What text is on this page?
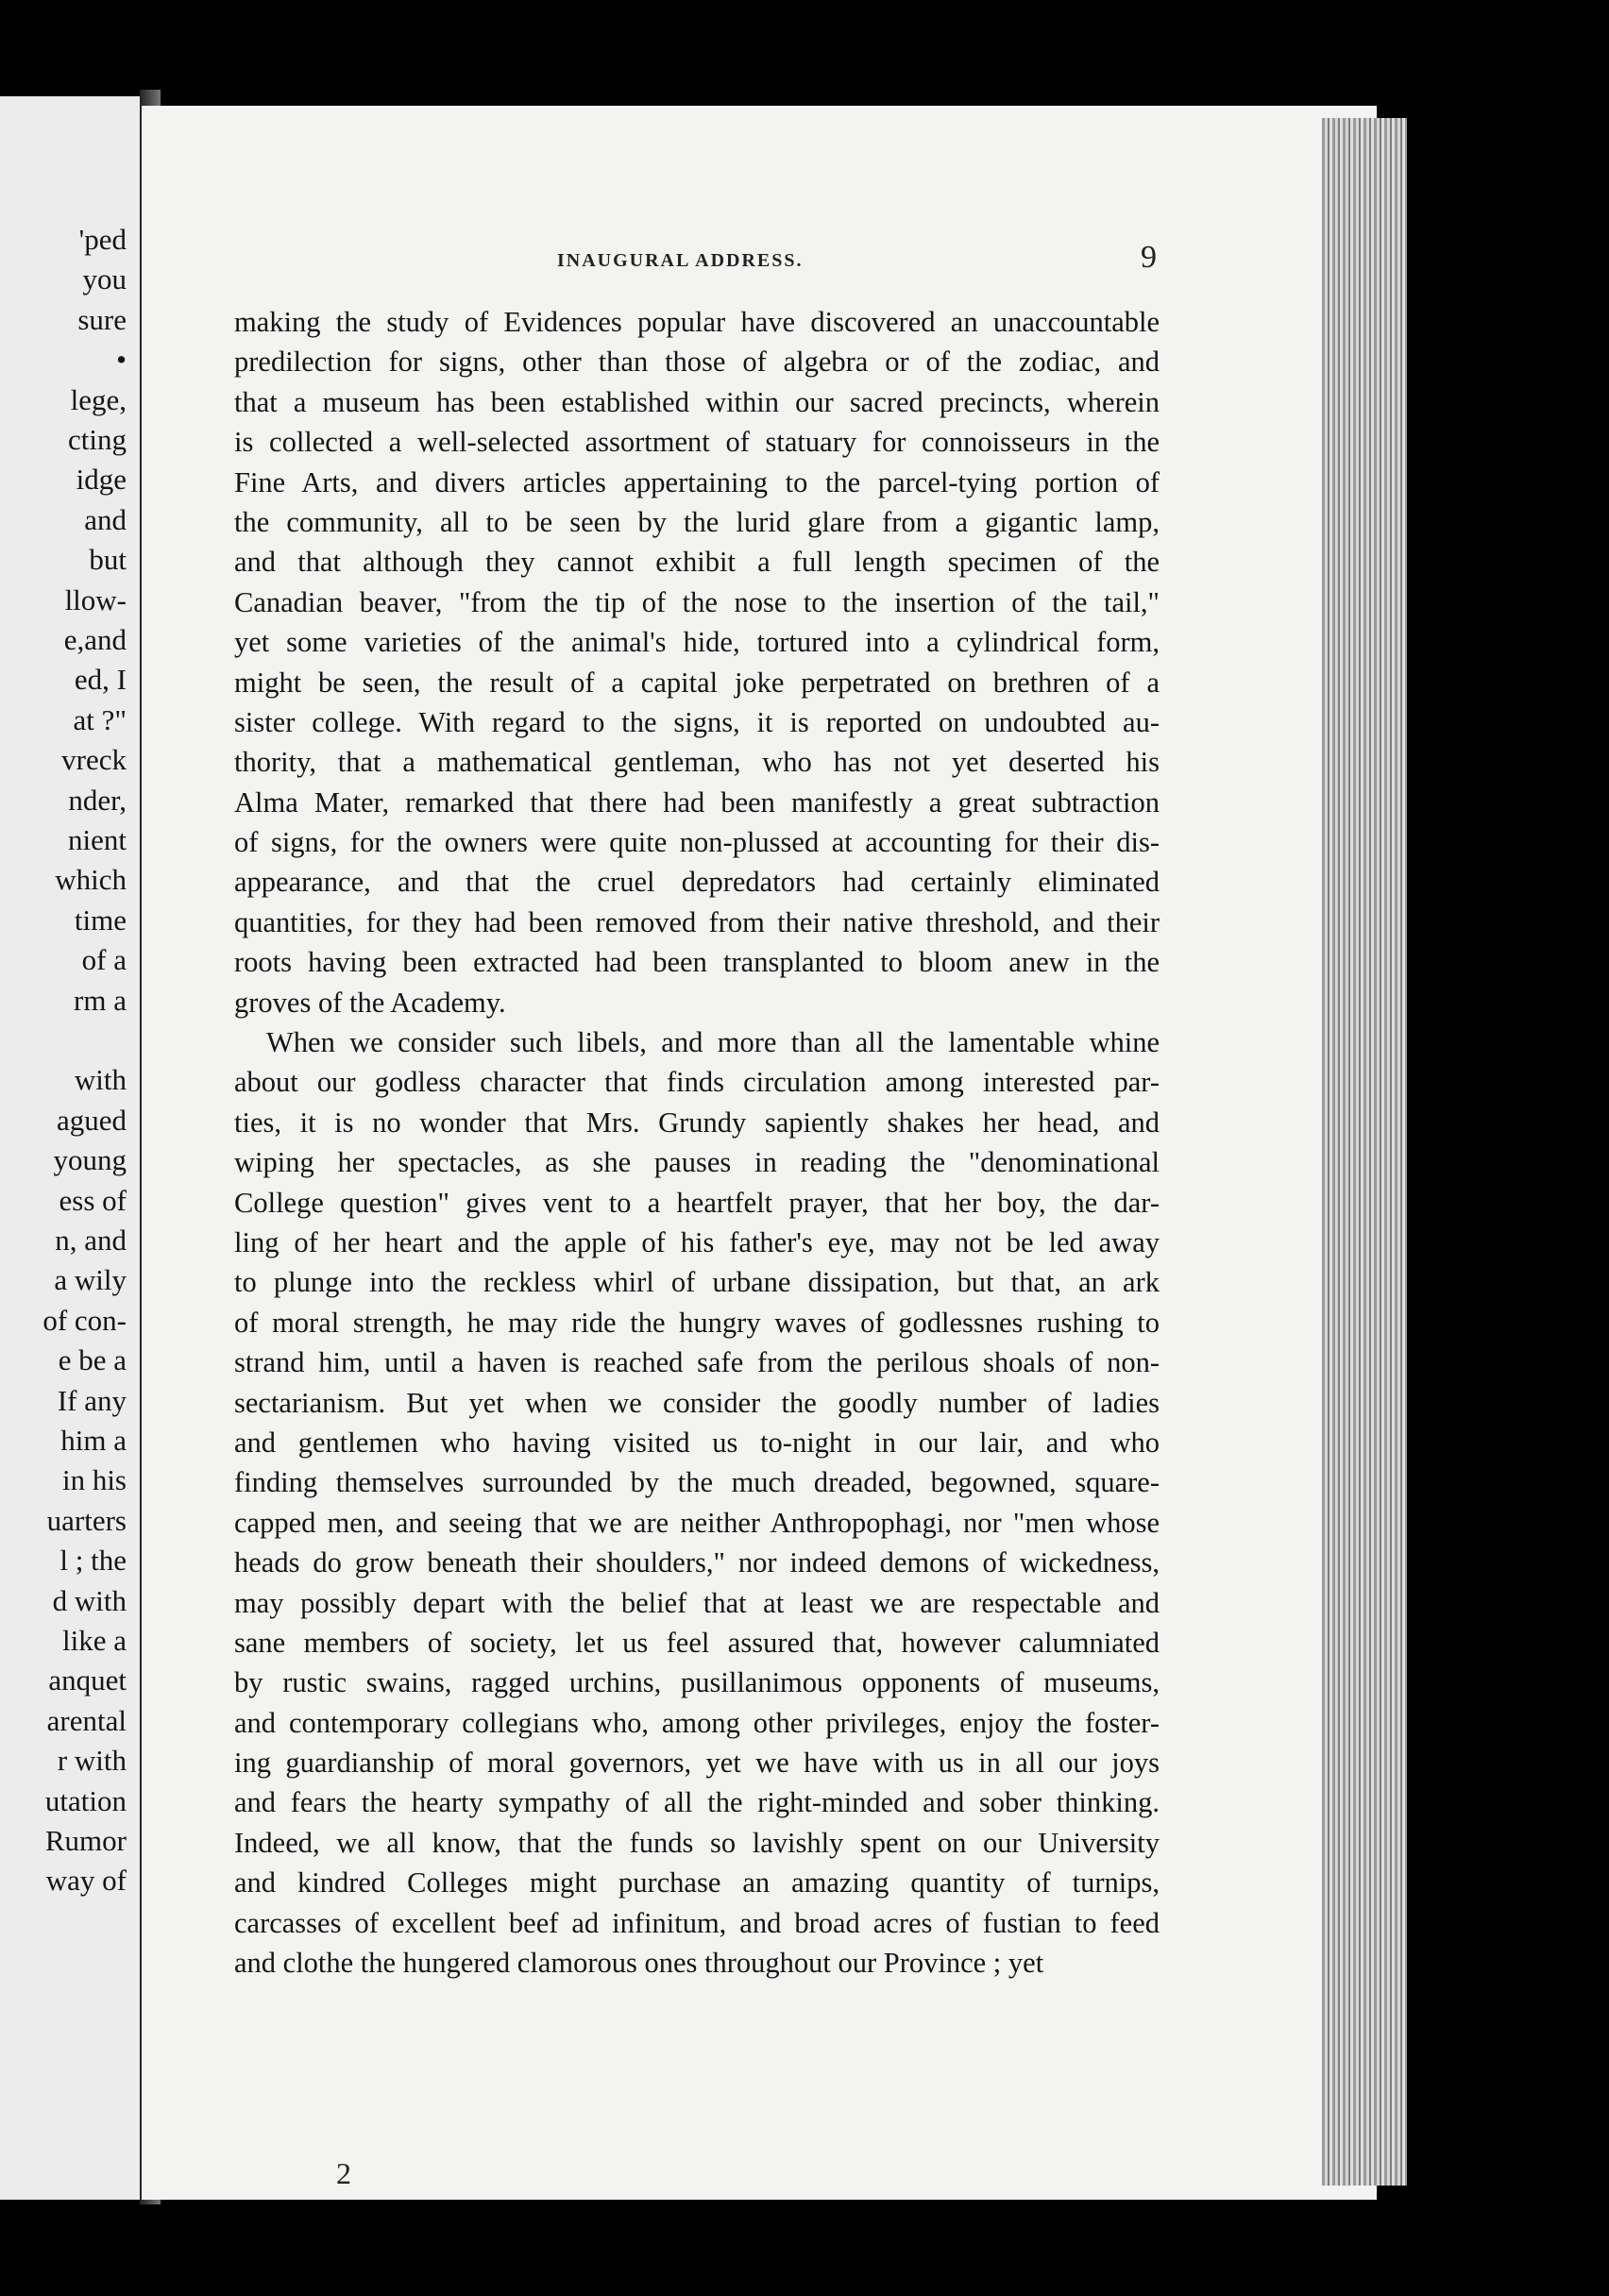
'ped

you

sure

•

lege,

cting

idge

and

but

llow-

e,and

ed, I

at ?"

vreck

nder,

nient

which

time

of a

rm a

with

agued

young

ess of

n, and

a wily

of con-

e be a

If any

him a

in his

uarters

l ; the

d with

like a

anquet

arental

r with

utation

Rumor

way of

INAUGURAL ADDRESS.	9

making the study of Evidences popular have discovered an unaccountable
predilection for signs, other than those of algebra or of the zodiac, and
that a museum has been established within our sacred precincts, wherein
is collected a well-selected assortment of statuary for connoisseurs in the
Fine Arts, and divers articles appertaining to the parcel-tying portion of
the community, all to be seen by the lurid glare from a gigantic lamp,
and that although they cannot exhibit a full length specimen of the
Canadian beaver, "from the tip of the nose to the insertion of the tail,"
yet some varieties of the animal's hide, tortured into a cylindrical form,
might be seen, the result of a capital joke perpetrated on brethren of a
sister college. With regard to the signs, it is reported on undoubted au-
thority, that a mathematical gentleman, who has not yet deserted his
Alma Mater, remarked that there had been manifestly a great subtraction
of signs, for the owners were quite non-plussed at accounting for their dis-
appearance, and that the cruel depredators had certainly eliminated
quantities, for they had been removed from their native threshold, and their
roots having been extracted had been transplanted to bloom anew in the
groves of the Academy.
When we consider such libels, and more than all the lamentable whine
about our godless character that finds circulation among interested par-
ties, it is no wonder that Mrs. Grundy sapiently shakes her head, and
wiping her spectacles, as she pauses in reading the "denominational
College question" gives vent to a heartfelt prayer, that her boy, the dar-
ling of her heart and the apple of his father's eye, may not be led away
to plunge into the reckless whirl of urbane dissipation, but that, an ark
of moral strength, he may ride the hungry waves of godlessnes rushing to
strand him, until a haven is reached safe from the perilous shoals of non-
sectarianism. But yet when we consider the goodly number of ladies
and gentlemen who having visited us to-night in our lair, and who
finding themselves surrounded by the much dreaded, begowned, square-
capped men, and seeing that we are neither Anthropophagi, nor "men whose
heads do grow beneath their shoulders," nor indeed demons of wickedness,
may possibly depart with the belief that at least we are respectable and
sane members of society, let us feel assured that, however calumniated
by rustic swains, ragged urchins, pusillanimous opponents of museums,
and contemporary collegians who, among other privileges, enjoy the foster-
ing guardianship of moral governors, yet we have with us in all our joys
and fears the hearty sympathy of all the right-minded and sober thinking.
Indeed, we all know, that the funds so lavishly spent on our University
and kindred Colleges might purchase an amazing quantity of turnips,
carcasses of excellent beef ad infinitum, and broad acres of fustian to feed
and clothe the hungered clamorous ones throughout our Province ; yet

2
